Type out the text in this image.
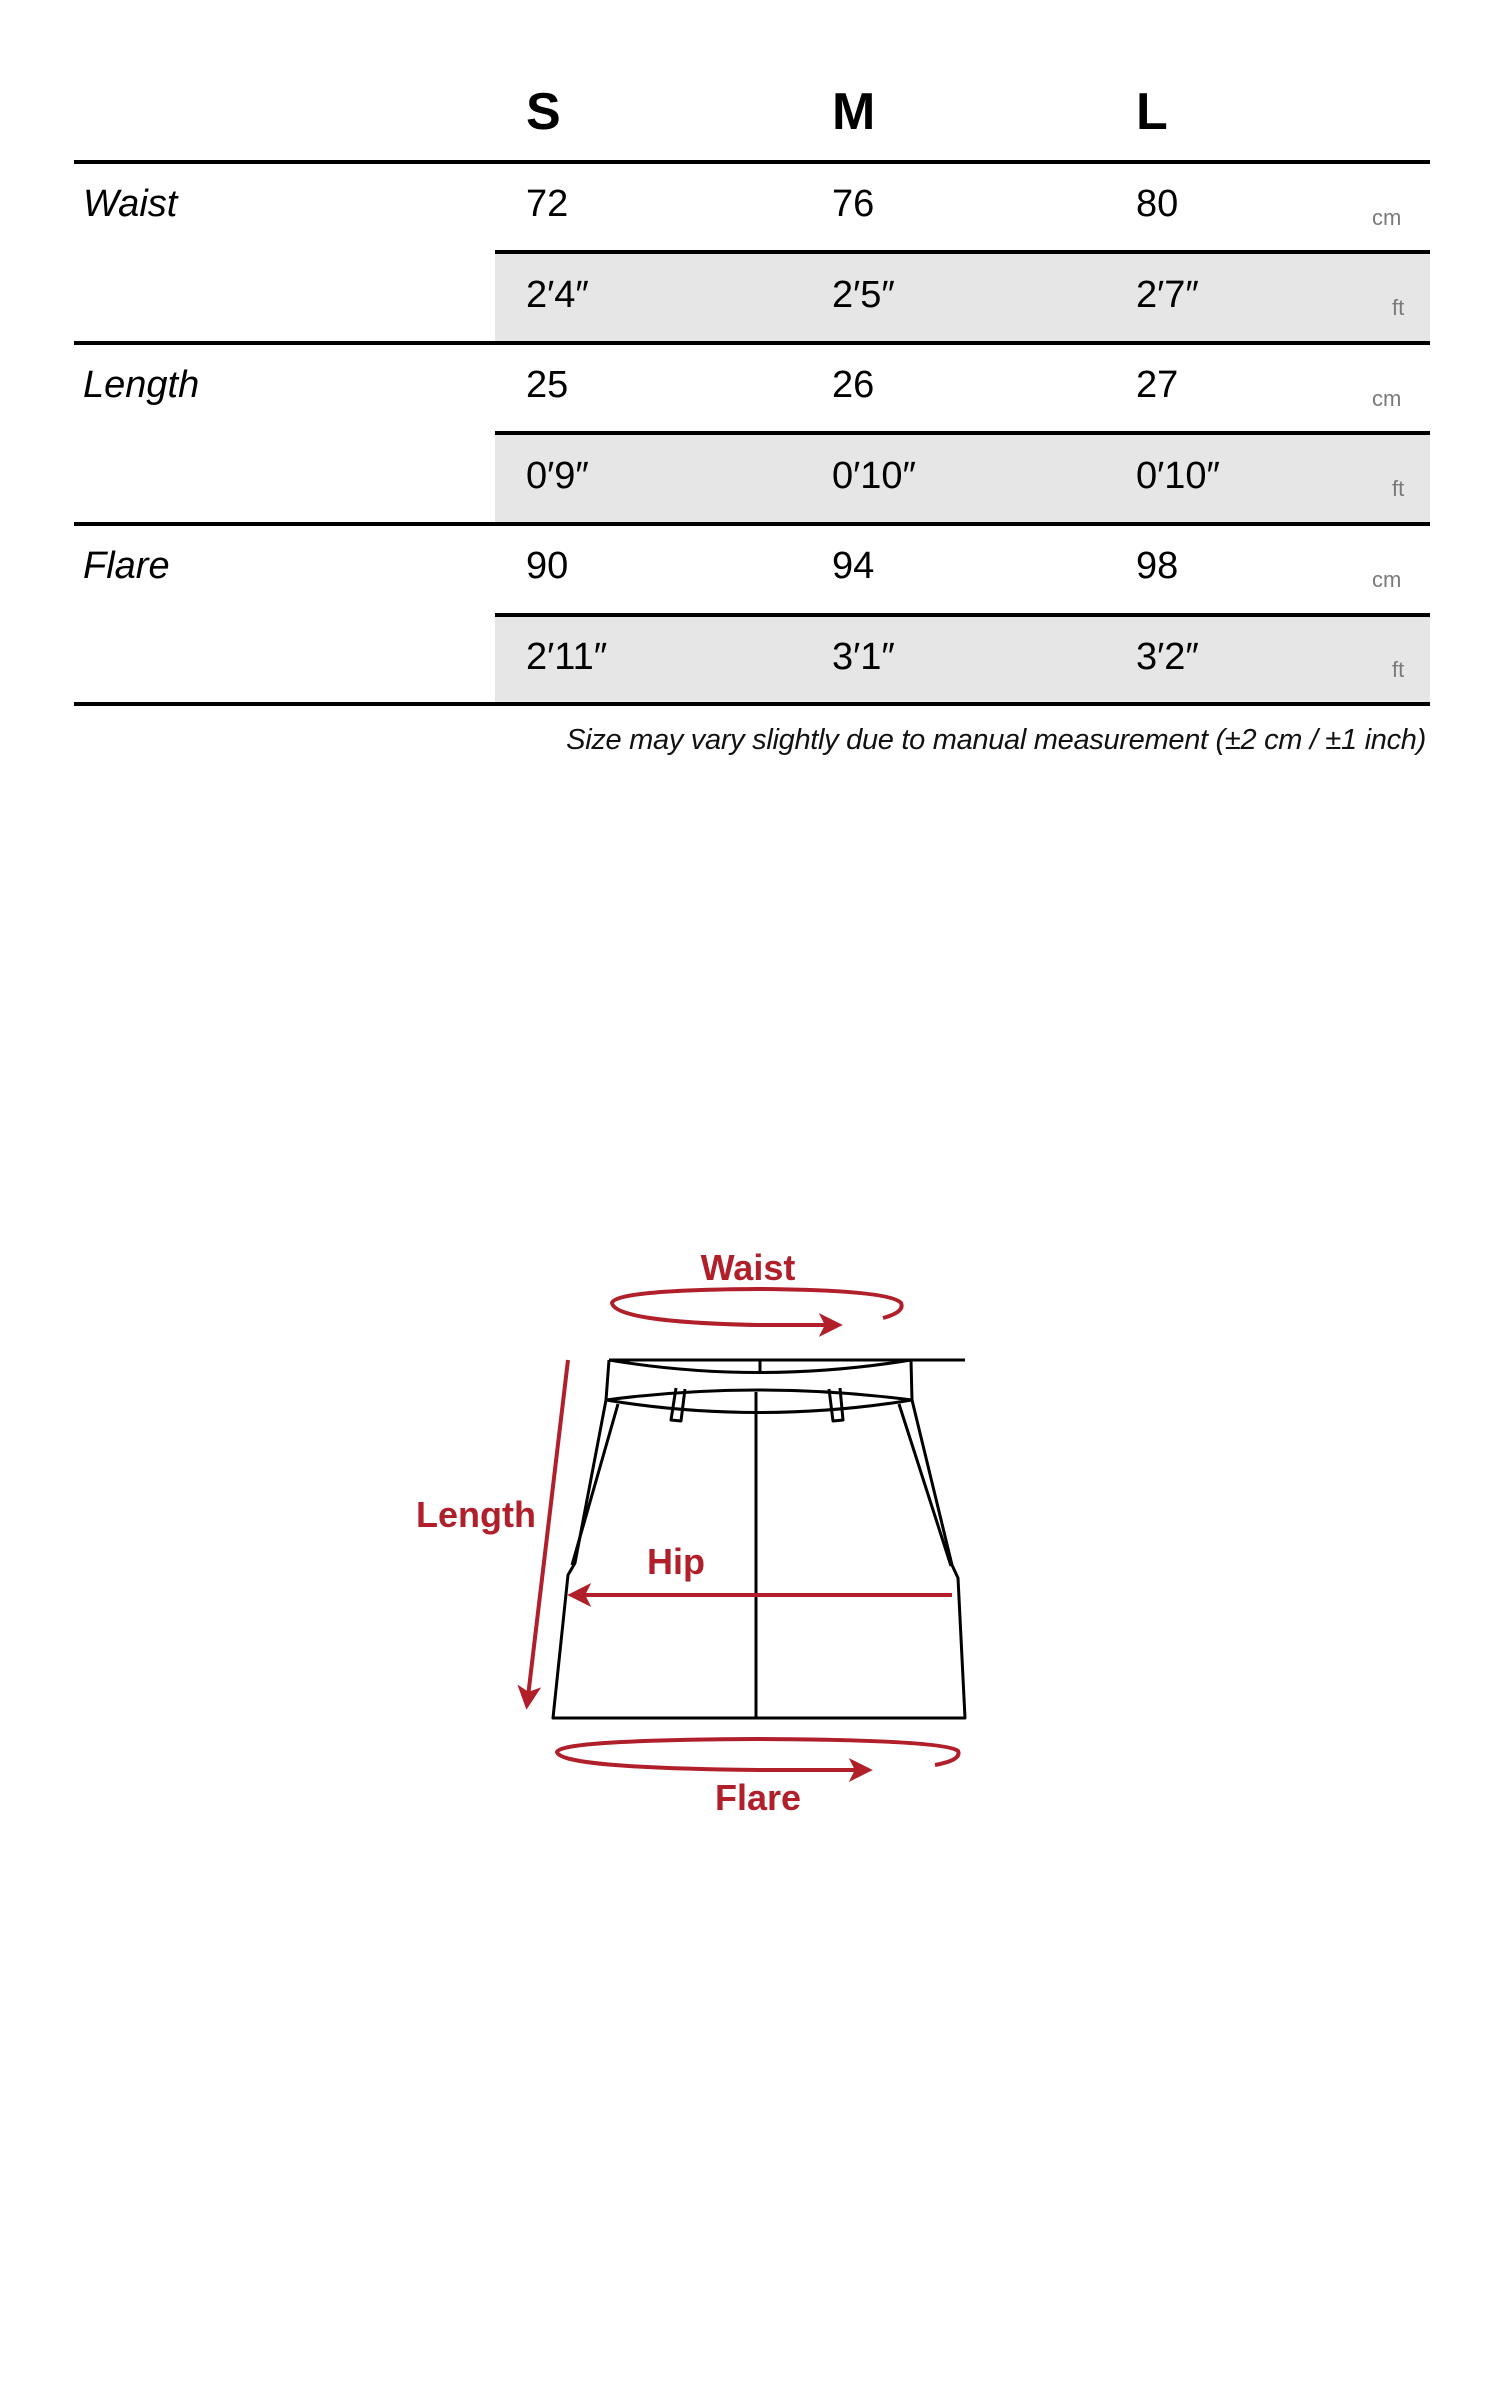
S	M	L
Waist	72	76	80	cm
2′4″	2′5″	2′7″	ft
Length	25	26	27	cm
0′9″	0′10″	0′10″	ft
Flare	90	94	98	cm
2′11″	3′1″	3′2″	ft
Size may vary slightly due to manual measurement (±2 cm / ±1 inch)
Waist
Length
Hip
Flare
